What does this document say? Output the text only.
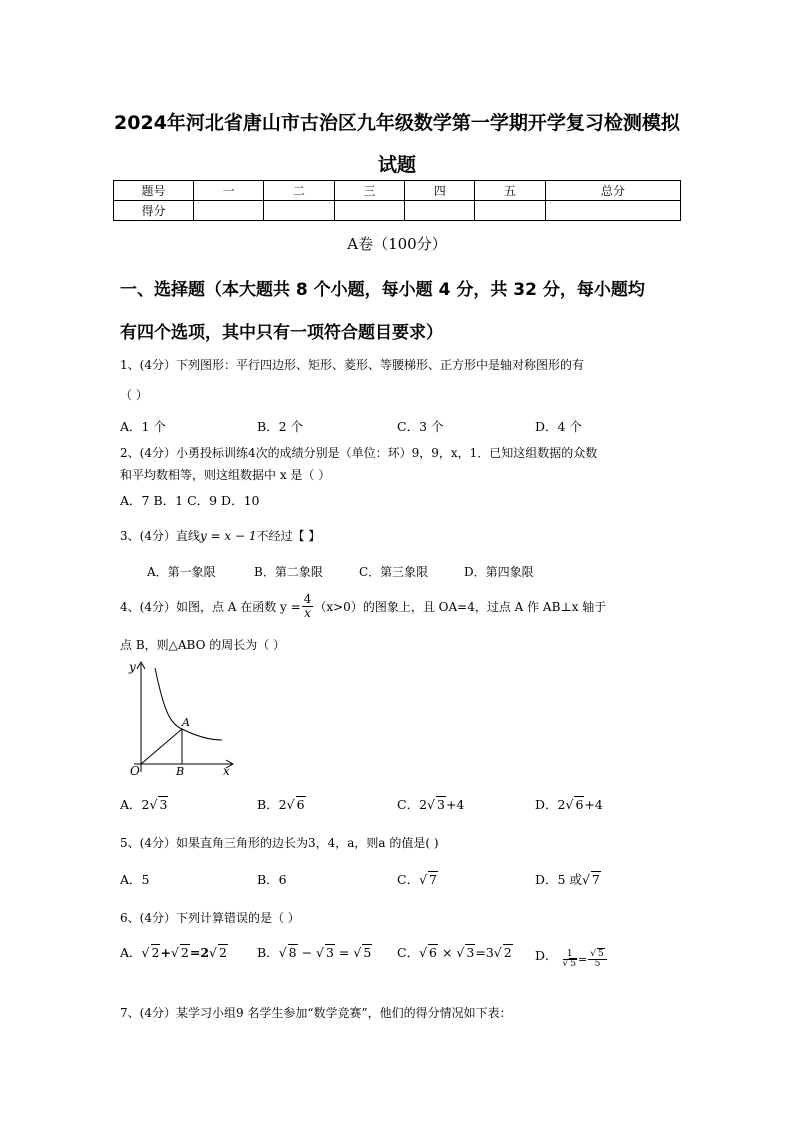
2024年河北省唐山市古治区九年级数学第一学期开学复习检测模拟
试题
题号	一	二	三	四	五	总分
得分						
A卷（100分）
一、选择题（本大题共 8 个小题，每小题 4 分，共 32 分，每小题均
有四个选项，其中只有一项符合题目要求）
1、(4分）下列图形：平行四边形、矩形、菱形、等腰梯形、正方形中是轴对称图形的有
（ ）
A．1 个	B．2 个	C．3 个	D．4 个
2、(4分）小勇投标训练4次的成绩分别是（单位：环）9，9，x，1．已知这组数据的众数
和平均数相等，则这组数据中 x 是（ ）
A．7 B．1 C．9 D．10
3、(4分）直线y = x − 1不经过【 】
A．第一象限	B．第二象限	C．第三象限	D．第四象限
4、(4分）如图，点 A 在函数 $y = \frac{4}{x} (x>0)$的图象上，且 OA=4，过点 A 作 AB⊥x 轴于
点 B，则△ABO 的周长为（ ）
y
x
O
A
B
A．2√ 3	B．2√ 6	C．2√ 3+4	D．2√ 6+4
5、(4分）如果直角三角形的边长为3，4，a，则a 的值是( )
A．5	B．6	C．√ 7	D．5 或√ 7
6、(4分）下列计算错误的是（ ）
A．√ 2+√ 2=2√ 2 B．√ 8 − √ 3 = √ 5 C．√ 6 × √ 3=3√ 2 D． $\frac{1}{√ 5} = \frac{√ 5}{5}$
7、(4分）某学习小组9 名学生参加“数学竞赛”，他们的得分情况如下表：
